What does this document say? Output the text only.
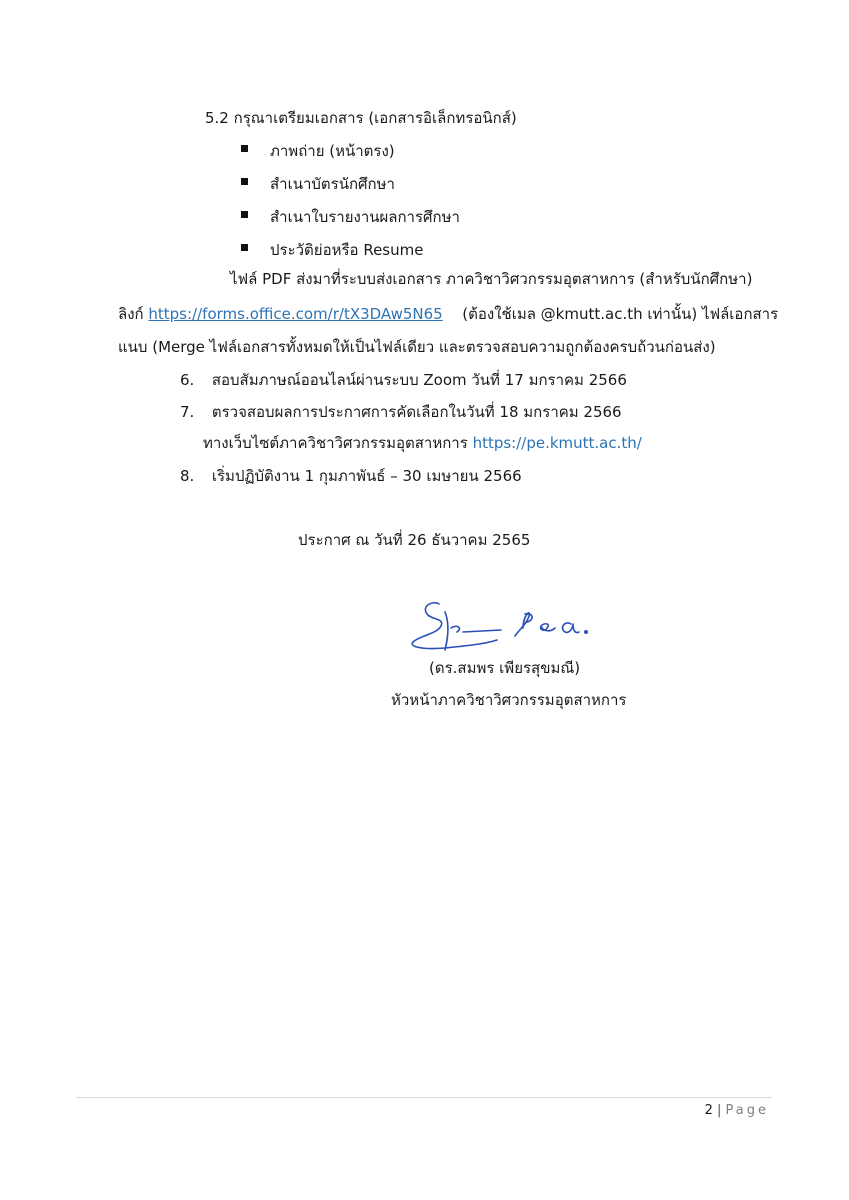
5.2 กรุณาเตรียมเอกสาร (เอกสารอิเล็กทรอนิกส์)
ภาพถ่าย (หน้าตรง)
สำเนาบัตรนักศึกษา
สำเนาใบรายงานผลการศึกษา
ประวัติย่อหรือ Resume
ไฟล์ PDF ส่งมาที่ระบบส่งเอกสาร ภาควิชาวิศวกรรมอุตสาหการ (สำหรับนักศึกษา)
ลิงก์ https://forms.office.com/r/tX3DAw5N65 (ต้องใช้เมล @kmutt.ac.th เท่านั้น) ไฟล์เอกสาร
แนบ (Merge ไฟล์เอกสารทั้งหมดให้เป็นไฟล์เดียว และตรวจสอบความถูกต้องครบถ้วนก่อนส่ง)
6. สอบสัมภาษณ์ออนไลน์ผ่านระบบ Zoom วันที่ 17 มกราคม 2566
7. ตรวจสอบผลการประกาศการคัดเลือกในวันที่ 18 มกราคม 2566
ทางเว็บไซต์ภาควิชาวิศวกรรมอุตสาหการ https://pe.kmutt.ac.th/
8. เริ่มปฏิบัติงาน 1 กุมภาพันธ์ – 30 เมษายน 2566
ประกาศ ณ วันที่ 26 ธันวาคม 2565
Pea.
(ดร.สมพร เพียรสุขมณี)
หัวหน้าภาควิชาวิศวกรรมอุตสาหการ
2 | Page
